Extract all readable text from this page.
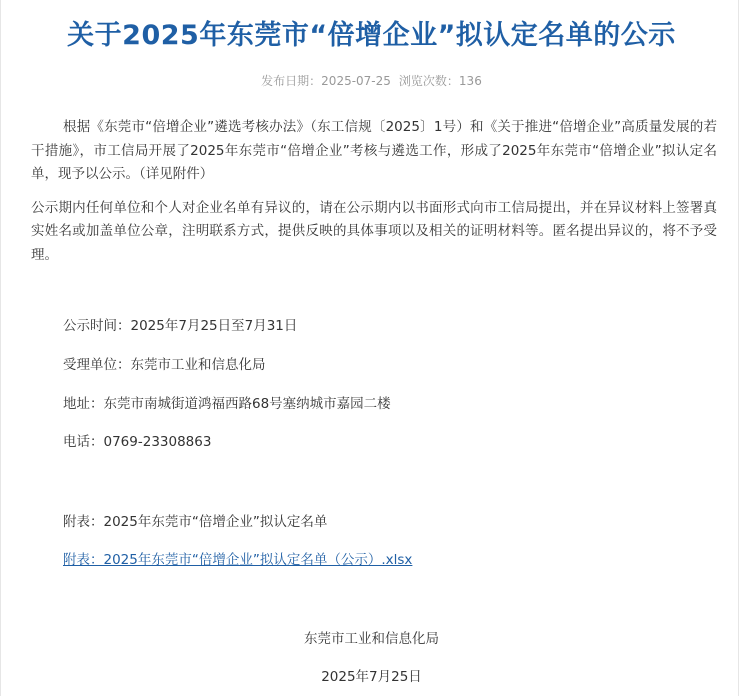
关于2025年东莞市“倍增企业”拟认定名单的公示
发布日期：2025-07-25 浏览次数：136

根据《东莞市“倍增企业”遴选考核办法》（东工信规〔2025〕1号）和《关于推进“倍增企业”高质量发展的若干措施》，市工信局开展了2025年东莞市“倍增企业”考核与遴选工作，形成了2025年东莞市“倍增企业”拟认定名单，现予以公示。（详见附件）

公示期内任何单位和个人对企业名单有异议的，请在公示期内以书面形式向市工信局提出，并在异议材料上签署真实姓名或加盖单位公章，注明联系方式，提供反映的具体事项以及相关的证明材料等。匿名提出异议的，将不予受理。

公示时间：2025年7月25日至7月31日
受理单位：东莞市工业和信息化局
地址：东莞市南城街道鸿福西路68号塞纳城市嘉园二楼
电话：0769-23308863
附表：2025年东莞市“倍增企业”拟认定名单
附表：2025年东莞市“倍增企业”拟认定名单（公示）.xlsx
东莞市工业和信息化局
2025年7月25日
